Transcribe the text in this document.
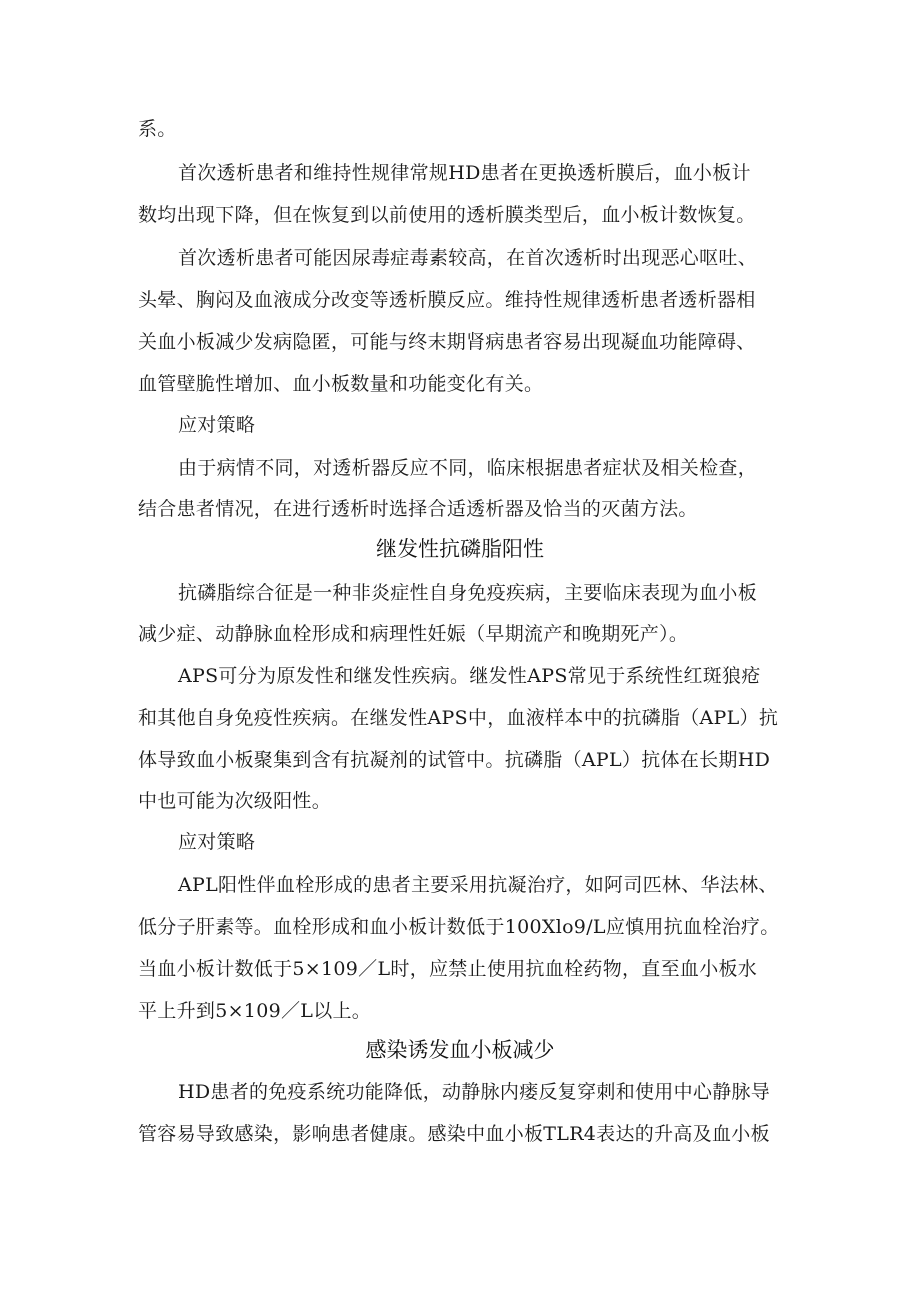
系。
首次透析患者和维持性规律常规HD患者在更换透析膜后，血小板计
数均出现下降，但在恢复到以前使用的透析膜类型后，血小板计数恢复。
首次透析患者可能因尿毒症毒素较高，在首次透析时出现恶心呕吐、
头晕、胸闷及血液成分改变等透析膜反应。维持性规律透析患者透析器相
关血小板减少发病隐匿，可能与终末期肾病患者容易出现凝血功能障碍、
血管壁脆性增加、血小板数量和功能变化有关。
应对策略
由于病情不同，对透析器反应不同，临床根据患者症状及相关检查，
结合患者情况，在进行透析时选择合适透析器及恰当的灭菌方法。
继发性抗磷脂阳性
抗磷脂综合征是一种非炎症性自身免疫疾病，主要临床表现为血小板
减少症、动静脉血栓形成和病理性妊娠（早期流产和晚期死产）。
APS可分为原发性和继发性疾病。继发性APS常见于系统性红斑狼疮
和其他自身免疫性疾病。在继发性APS中，血液样本中的抗磷脂（APL）抗
体导致血小板聚集到含有抗凝剂的试管中。抗磷脂（APL）抗体在长期HD
中也可能为次级阳性。
应对策略
APL阳性伴血栓形成的患者主要采用抗凝治疗，如阿司匹林、华法林、
低分子肝素等。血栓形成和血小板计数低于100Xlo9/L应慎用抗血栓治疗。
当血小板计数低于5×109／L时，应禁止使用抗血栓药物，直至血小板水
平上升到5×109／L以上。
感染诱发血小板减少
HD患者的免疫系统功能降低，动静脉内瘘反复穿刺和使用中心静脉导
管容易导致感染，影响患者健康。感染中血小板TLR4表达的升高及血小板
